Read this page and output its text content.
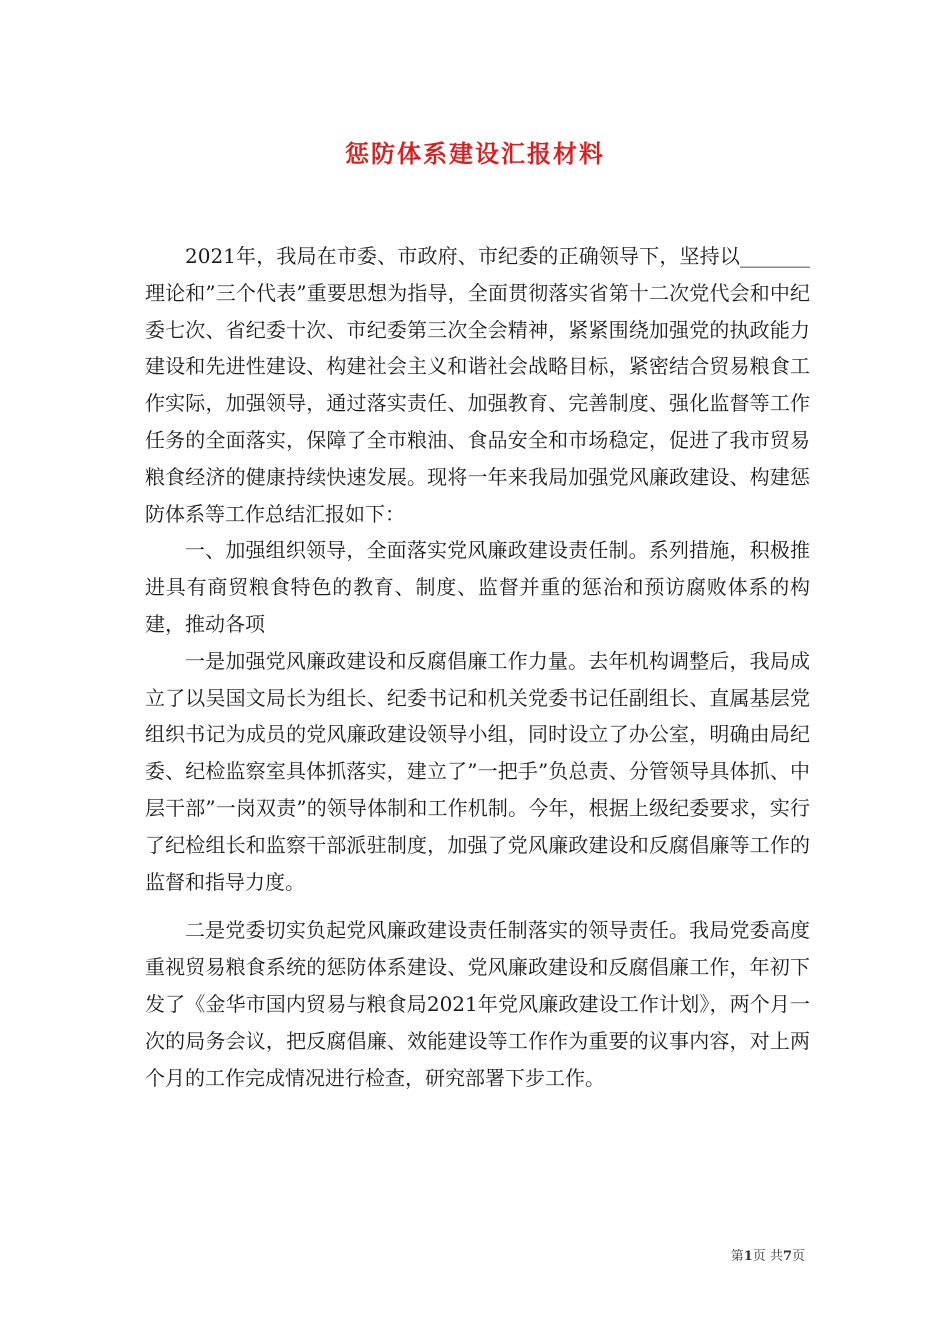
惩防体系建设汇报材料

2021年，我局在市委、市政府、市纪委的正确领导下，坚持以_______理论和”三个代表”重要思想为指导，全面贯彻落实省第十二次党代会和中纪委七次、省纪委十次、市纪委第三次全会精神，紧紧围绕加强党的执政能力建设和先进性建设、构建社会主义和谐社会战略目标，紧密结合贸易粮食工作实际，加强领导，通过落实责任、加强教育、完善制度、强化监督等工作任务的全面落实，保障了全市粮油、食品安全和市场稳定，促进了我市贸易粮食经济的健康持续快速发展。现将一年来我局加强党风廉政建设、构建惩防体系等工作总结汇报如下：

一、加强组织领导，全面落实党风廉政建设责任制。系列措施，积极推进具有商贸粮食特色的教育、制度、监督并重的惩治和预访腐败体系的构建，推动各项

一是加强党风廉政建设和反腐倡廉工作力量。去年机构调整后，我局成立了以吴国文局长为组长、纪委书记和机关党委书记任副组长、直属基层党组织书记为成员的党风廉政建设领导小组，同时设立了办公室，明确由局纪委、纪检监察室具体抓落实，建立了”一把手”负总责、分管领导具体抓、中层干部”一岗双责”的领导体制和工作机制。今年，根据上级纪委要求，实行了纪检组长和监察干部派驻制度，加强了党风廉政建设和反腐倡廉等工作的监督和指导力度。

二是党委切实负起党风廉政建设责任制落实的领导责任。我局党委高度重视贸易粮食系统的惩防体系建设、党风廉政建设和反腐倡廉工作，年初下发了《金华市国内贸易与粮食局2021年党风廉政建设工作计划》，两个月一次的局务会议，把反腐倡廉、效能建设等工作作为重要的议事内容，对上两个月的工作完成情况进行检查，研究部署下步工作。

第1页 共7页
